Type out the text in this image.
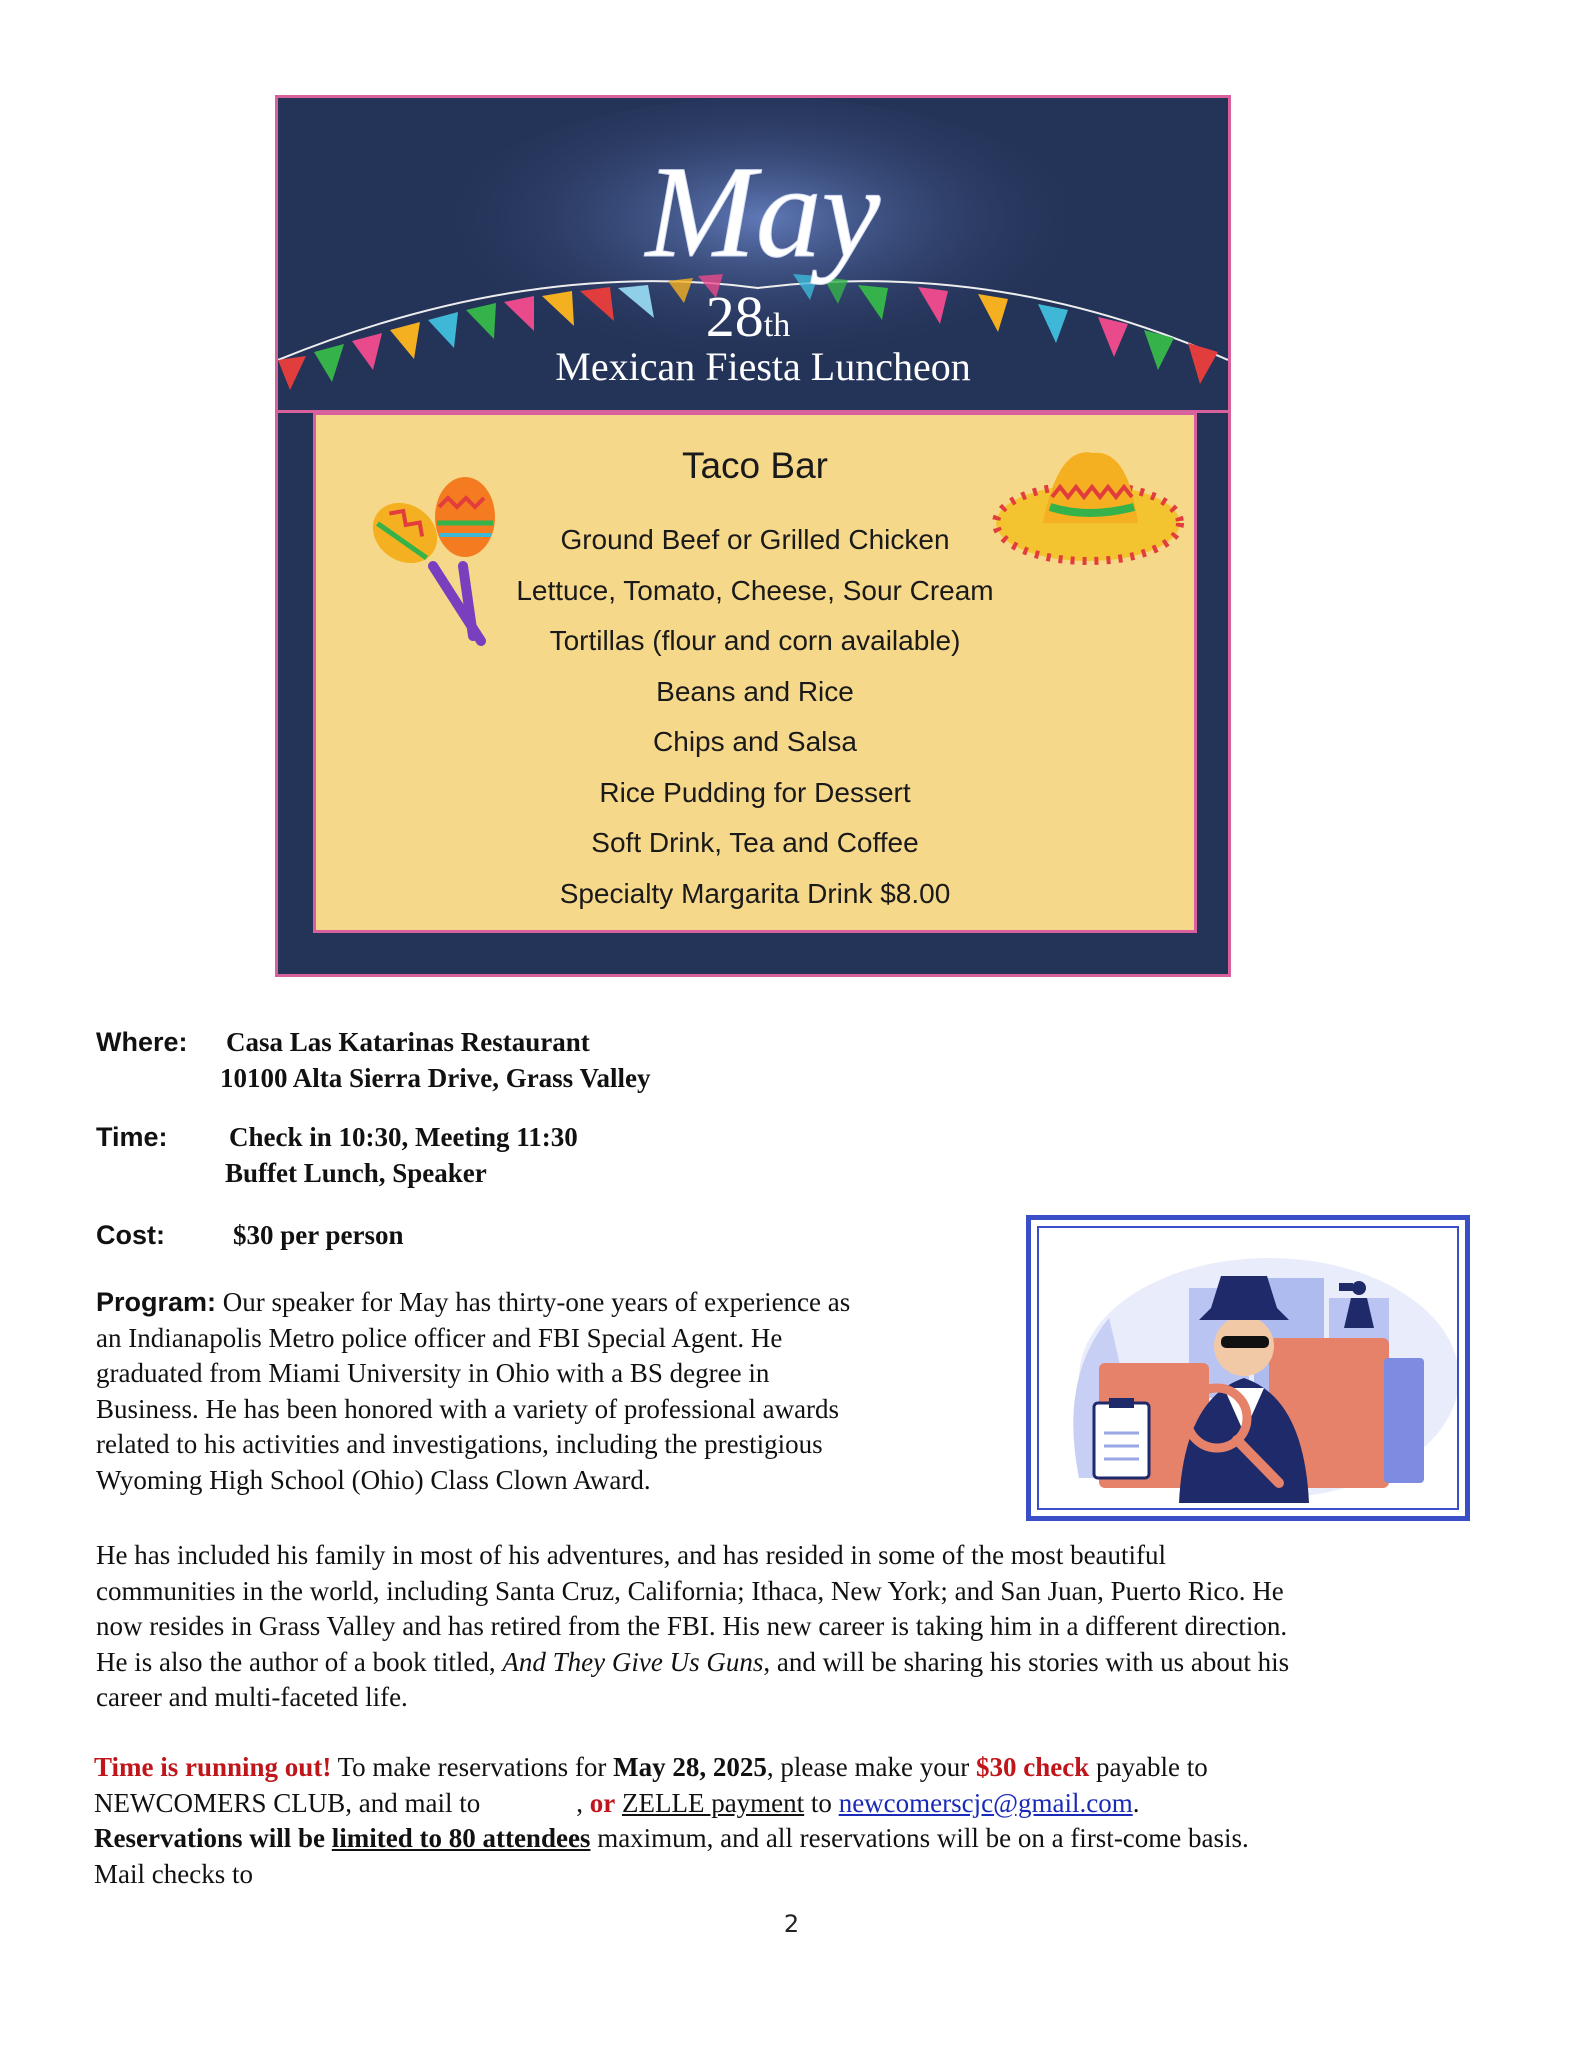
May
28th
Mexican Fiesta Luncheon
Taco Bar
Ground Beef or Grilled Chicken
Lettuce, Tomato, Cheese, Sour Cream
Tortillas (flour and corn available)
Beans and Rice
Chips and Salsa
Rice Pudding for Dessert
Soft Drink, Tea and Coffee
Specialty Margarita Drink $8.00
Where: Casa Las Katarinas Restaurant
10100 Alta Sierra Drive, Grass Valley
Time: Check in 10:30, Meeting 11:30
Buffet Lunch, Speaker
Cost:	$30 per person
Program: Our speaker for May has thirty-one years of experience as
an Indianapolis Metro police officer and FBI Special Agent. He
graduated from Miami University in Ohio with a BS degree in
Business. He has been honored with a variety of professional awards
related to his activities and investigations, including the prestigious
Wyoming High School (Ohio) Class Clown Award.
He has included his family in most of his adventures, and has resided in some of the most beautiful
communities in the world, including Santa Cruz, California; Ithaca, New York; and San Juan, Puerto Rico. He
now resides in Grass Valley and has retired from the FBI. His new career is taking him in a different direction.
He is also the author of a book titled, And They Give Us Guns, and will be sharing his stories with us about his
career and multi-faceted life.
Time is running out! To make reservations for May 28, 2025, please make your $30 check payable to
NEWCOMERS CLUB, and mail to	, or ZELLE payment to newcomerscjc@gmail.com.
Reservations will be limited to 80 attendees maximum, and all reservations will be on a first-come basis.
Mail checks to
2
